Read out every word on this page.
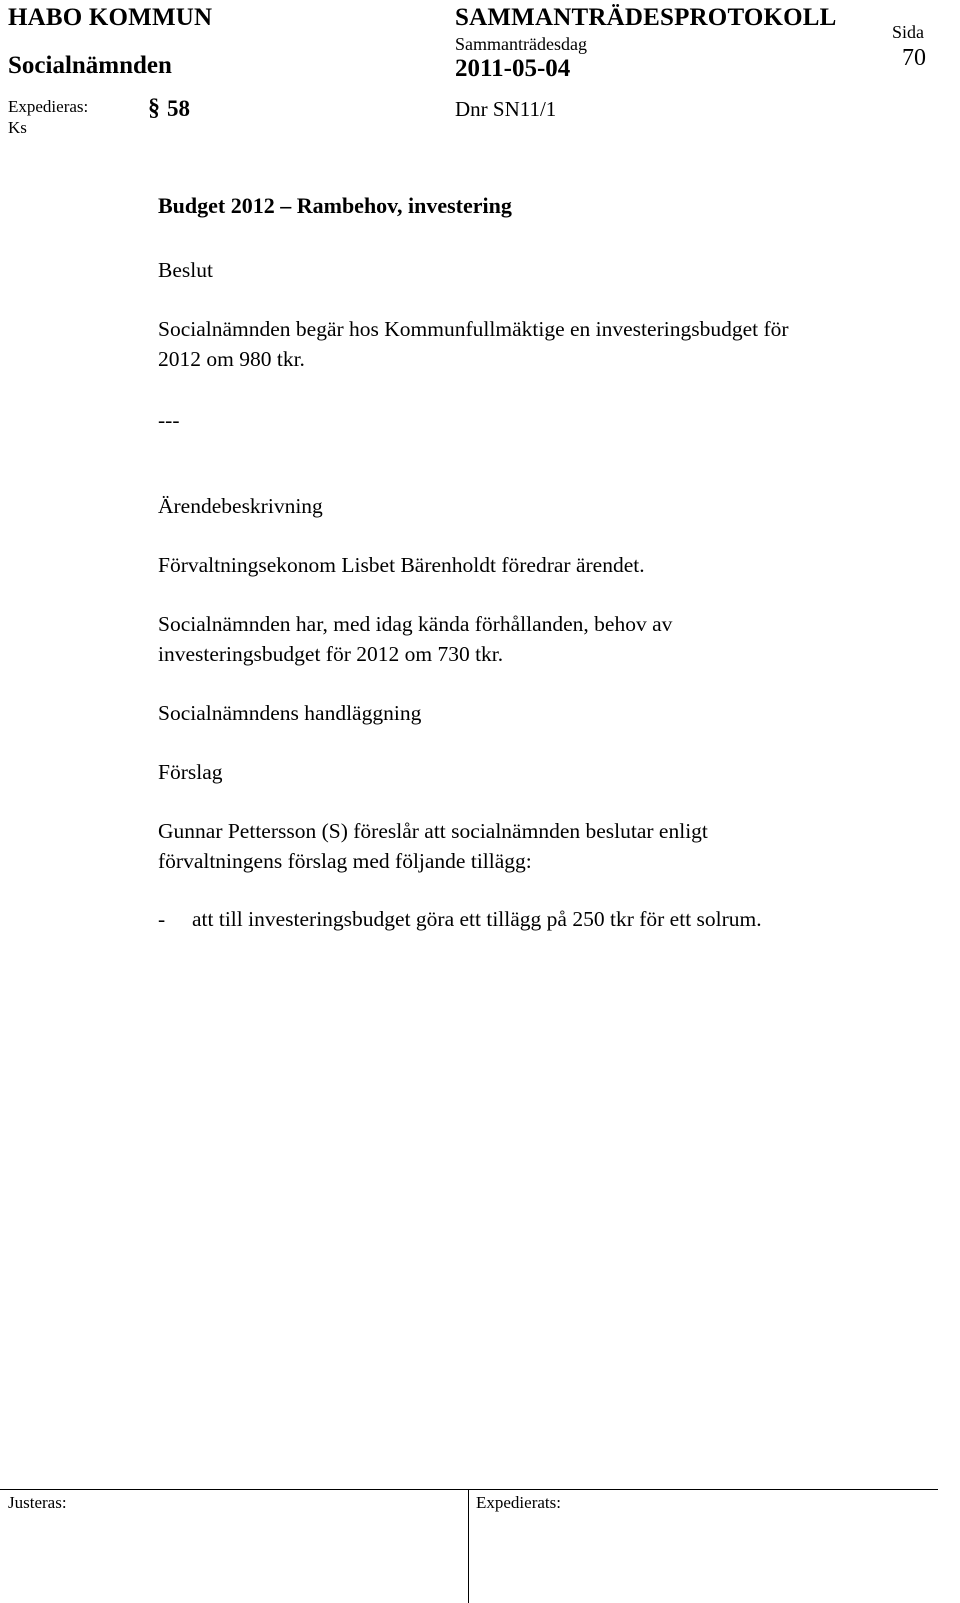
HABO KOMMUN
Socialnämnden
SAMMANTRÄDESPROTOKOLL
Sammanträdesdag
2011-05-04
Sida
70
Expedieras:
Ks
§ 58	Dnr SN11/1
Budget 2012 – Rambehov, investering
Beslut

Socialnämnden begär hos Kommunfullmäktige en investeringsbudget för

2012 om 980 tkr.

---
Ärendebeskrivning
Förvaltningsekonom Lisbet Bärenholdt föredrar ärendet.

Socialnämnden har, med idag kända förhållanden, behov av

investeringsbudget för 2012 om 730 tkr.

Socialnämndens handläggning
Förslag

Gunnar Pettersson (S) föreslår att socialnämnden beslutar enligt

förvaltningens förslag med följande tillägg:

- att till investeringsbudget göra ett tillägg på 250 tkr för ett solrum.
Justeras:	Expedierats:
